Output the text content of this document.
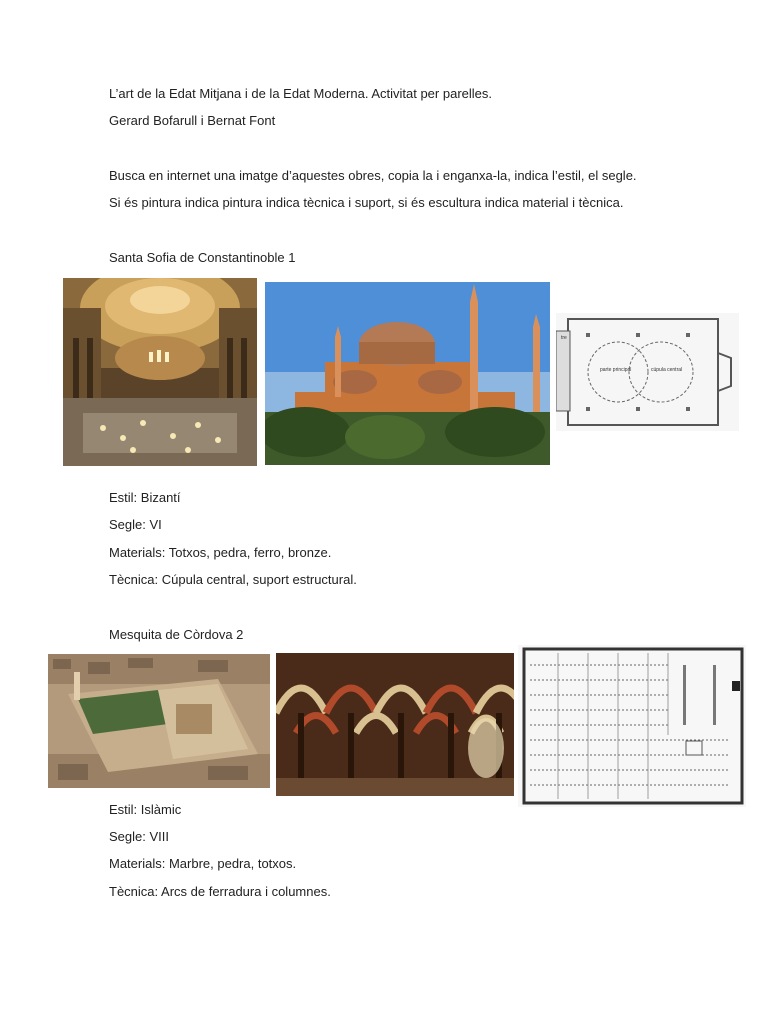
L’art de la Edat Mitjana i de la Edat Moderna. Activitat per parelles.
Gerard Bofarull i Bernat Font
Busca en internet una imatge d’aquestes obres, copia la i enganxa-la, indica l’estil, el segle.
Si és pintura indica pintura indica tècnica i suport, si és escultura indica material i tècnica.
Santa Sofia de Constantinoble 1
tre
parte principal	cúpula central
Estil: Bizantí
Segle: VI
Materials: Totxos, pedra, ferro, bronze.
Tècnica: Cúpula central, suport estructural.
Mesquita de Còrdova 2
Estil: Islàmic
Segle: VIII
Materials: Marbre, pedra, totxos.
Tècnica: Arcs de ferradura i columnes.
